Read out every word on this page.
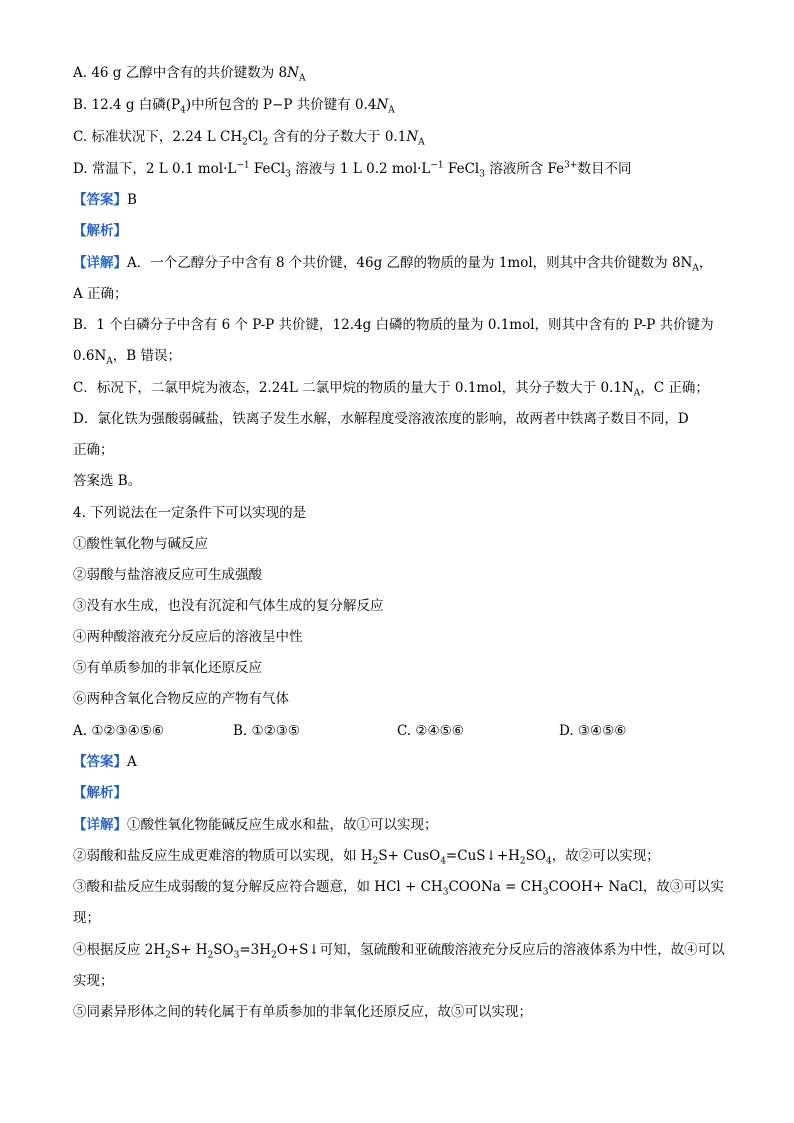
A. 46 g 乙醇中含有的共价键数为 $8N_A$
B. 12.4 g 白磷$(P_4)$中所包含的 P−P 共价键有 $0.4N_A$
C. 标准状况下，2.24 L $CH_2Cl_2$ 含有的分子数大于 $0.1N_A$
D. 常温下，2 L 0.1 $mol\cdot L^{-1}$ FeCl$_3$ 溶液与 1 L 0.2 $mol\cdot L^{-1}$ FeCl$_3$ 溶液所含 $Fe^{3+}$数目不同
【答案】B
【解析】
【详解】A．一个乙醇分子中含有 8 个共价键，46g 乙醇的物质的量为 1mol，则其中含共价键数为 $8N_A$，
A 正确；
B．1 个白磷分子中含有 6 个 P-P 共价键，12.4g 白磷的物质的量为 0.1mol，则其中含有的 P-P 共价键为
$0.6N_A$，B 错误；
C．标况下，二氯甲烷为液态，2.24L 二氯甲烷的物质的量大于 0.1mol，其分子数大于 $0.1N_A$，C 正确；
D．氯化铁为强酸弱碱盐，铁离子发生水解，水解程度受溶液浓度的影响，故两者中铁离子数目不同，D
正确；
答案选 B。
4. 下列说法在一定条件下可以实现的是
①酸性氧化物与碱反应
②弱酸与盐溶液反应可生成强酸
③没有水生成，也没有沉淀和气体生成的复分解反应
④两种酸溶液充分反应后的溶液呈中性
⑤有单质参加的非氧化还原反应
⑥两种含氧化合物反应的产物有气体
A. ①②③④⑤⑥	B. ①②③⑤	C. ②④⑤⑥	D. ③④⑤⑥
【答案】A
【解析】
【详解】①酸性氧化物能碱反应生成水和盐，故①可以实现；
②弱酸和盐反应生成更难溶的物质可以实现，如 $H_2S+$ $CusO_4=CuS↓+H_2SO_4$，故②可以实现；
③酸和盐反应生成弱酸的复分解反应符合题意，如 HCl + $CH_3COONa$ = $CH_3COOH+$ NaCl，故③可以实
现；
④根据反应 $2H_2S+$ $H_2SO_3=3H_2O+S↓$可知，氢硫酸和亚硫酸溶液充分反应后的溶液体系为中性，故④可以
实现；
⑤同素异形体之间的转化属于有单质参加的非氧化还原反应，故⑤可以实现；
